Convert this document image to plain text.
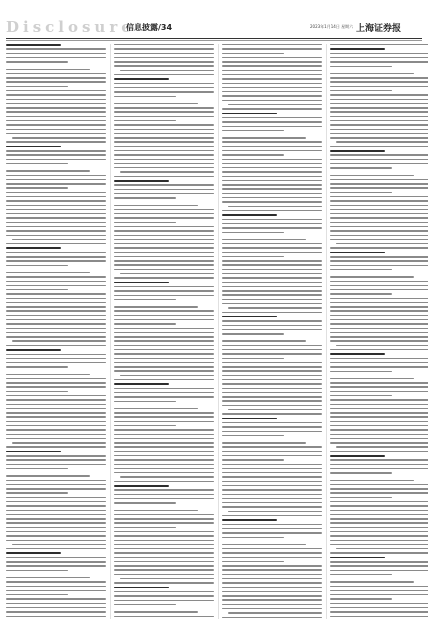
Disclosure
信息披露/34	2023年1月14日 星期六 上海证券报
